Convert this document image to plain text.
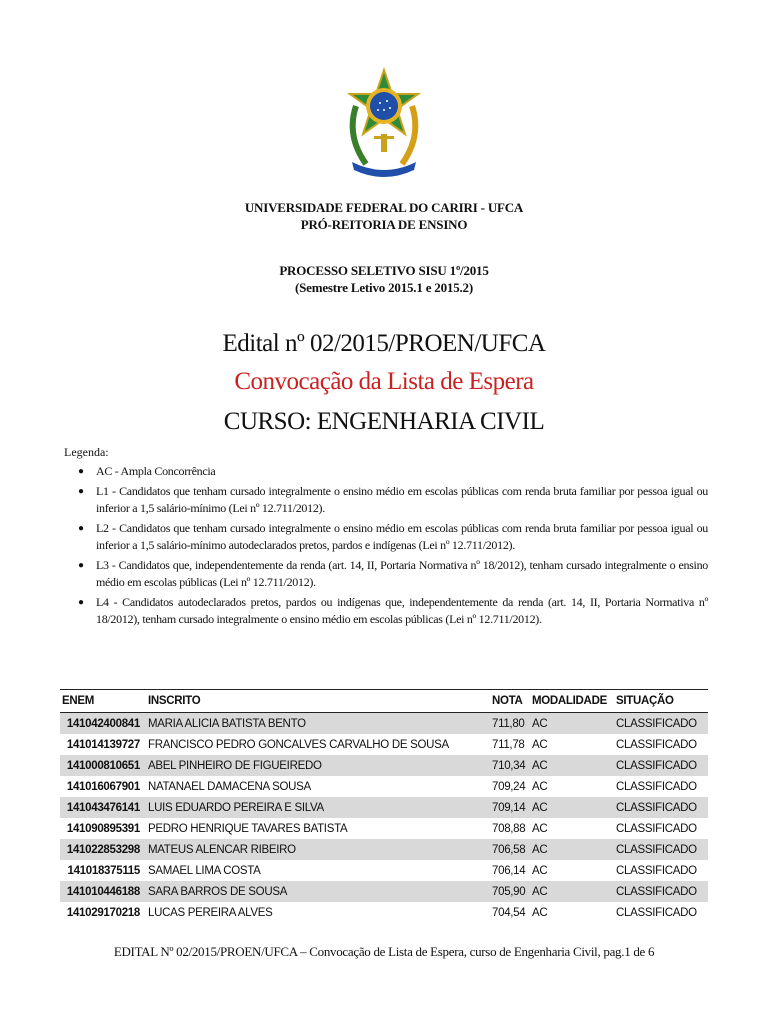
UNIVERSIDADE FEDERAL DO CARIRI - UFCA
PRÓ-REITORIA DE ENSINO
PROCESSO SELETIVO SISU 1º/2015
(Semestre Letivo 2015.1 e 2015.2)
Edital nº 02/2015/PROEN/UFCA
Convocação da Lista de Espera
CURSO: ENGENHARIA CIVIL
Legenda:
● AC - Ampla Concorrência
● L1 - Candidatos que tenham cursado integralmente o ensino médio em escolas públicas com renda bruta familiar por pessoa igual ou inferior a 1,5 salário-mínimo (Lei nº 12.711/2012).
● L2 - Candidatos que tenham cursado integralmente o ensino médio em escolas públicas com renda bruta familiar por pessoa igual ou inferior a 1,5 salário-mínimo autodeclarados pretos, pardos e indígenas (Lei nº 12.711/2012).
● L3 - Candidatos que, independentemente da renda (art. 14, II, Portaria Normativa nº 18/2012), tenham cursado integralmente o ensino médio em escolas públicas (Lei nº 12.711/2012).
● L4 - Candidatos autodeclarados pretos, pardos ou indígenas que, independentemente da renda (art. 14, II, Portaria Normativa nº 18/2012), tenham cursado integralmente o ensino médio em escolas públicas (Lei nº 12.711/2012).
ENEM	INSCRITO	NOTA	MODALIDADE	SITUAÇÃO
141042400841	MARIA ALICIA BATISTA BENTO	711,80	AC	CLASSIFICADO
141014139727	FRANCISCO PEDRO GONCALVES CARVALHO DE SOUSA	711,78	AC	CLASSIFICADO
141000810651	ABEL PINHEIRO DE FIGUEIREDO	710,34	AC	CLASSIFICADO
141016067901	NATANAEL DAMACENA SOUSA	709,24	AC	CLASSIFICADO
141043476141	LUIS EDUARDO PEREIRA E SILVA	709,14	AC	CLASSIFICADO
141090895391	PEDRO HENRIQUE TAVARES BATISTA	708,88	AC	CLASSIFICADO
141022853298	MATEUS ALENCAR RIBEIRO	706,58	AC	CLASSIFICADO
141018375115	SAMAEL LIMA COSTA	706,14	AC	CLASSIFICADO
141010446188	SARA BARROS DE SOUSA	705,90	AC	CLASSIFICADO
141029170218	LUCAS PEREIRA ALVES	704,54	AC	CLASSIFICADO
EDITAL Nº 02/2015/PROEN/UFCA – Convocação de Lista de Espera, curso de Engenharia Civil, pag.1 de 6
